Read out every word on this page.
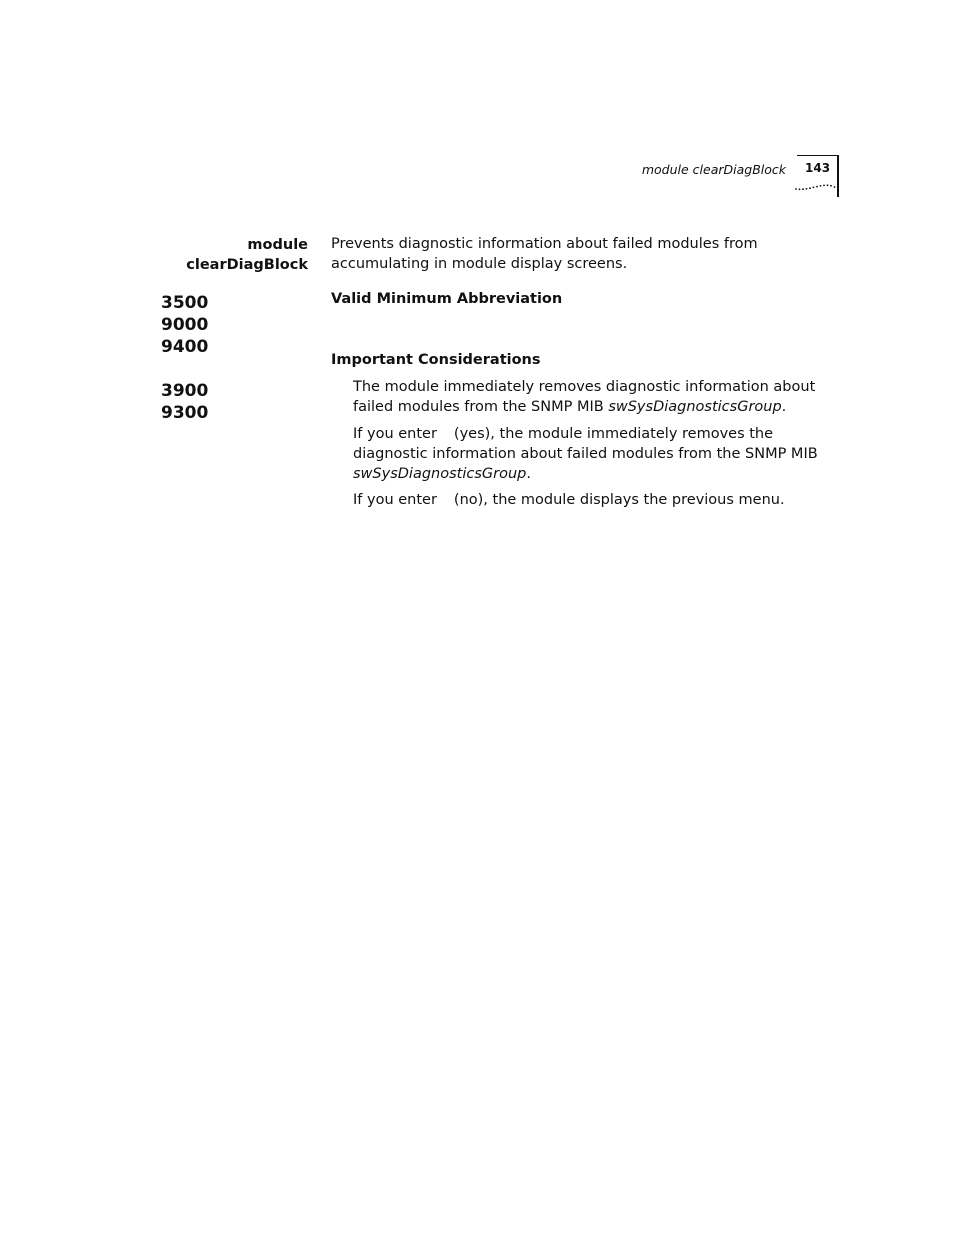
module clearDiagBlock 143
module
clearDiagBlock
3500
9000
9400
3900
9300
Prevents diagnostic information about failed modules from accumulating in module display screens.
Valid Minimum Abbreviation
Important Considerations
The module immediately removes diagnostic information about failed modules from the SNMP MIB swSysDiagnosticsGroup.
If you enter (yes), the module immediately removes the diagnostic information about failed modules from the SNMP MIB swSysDiagnosticsGroup.
If you enter (no), the module displays the previous menu.
